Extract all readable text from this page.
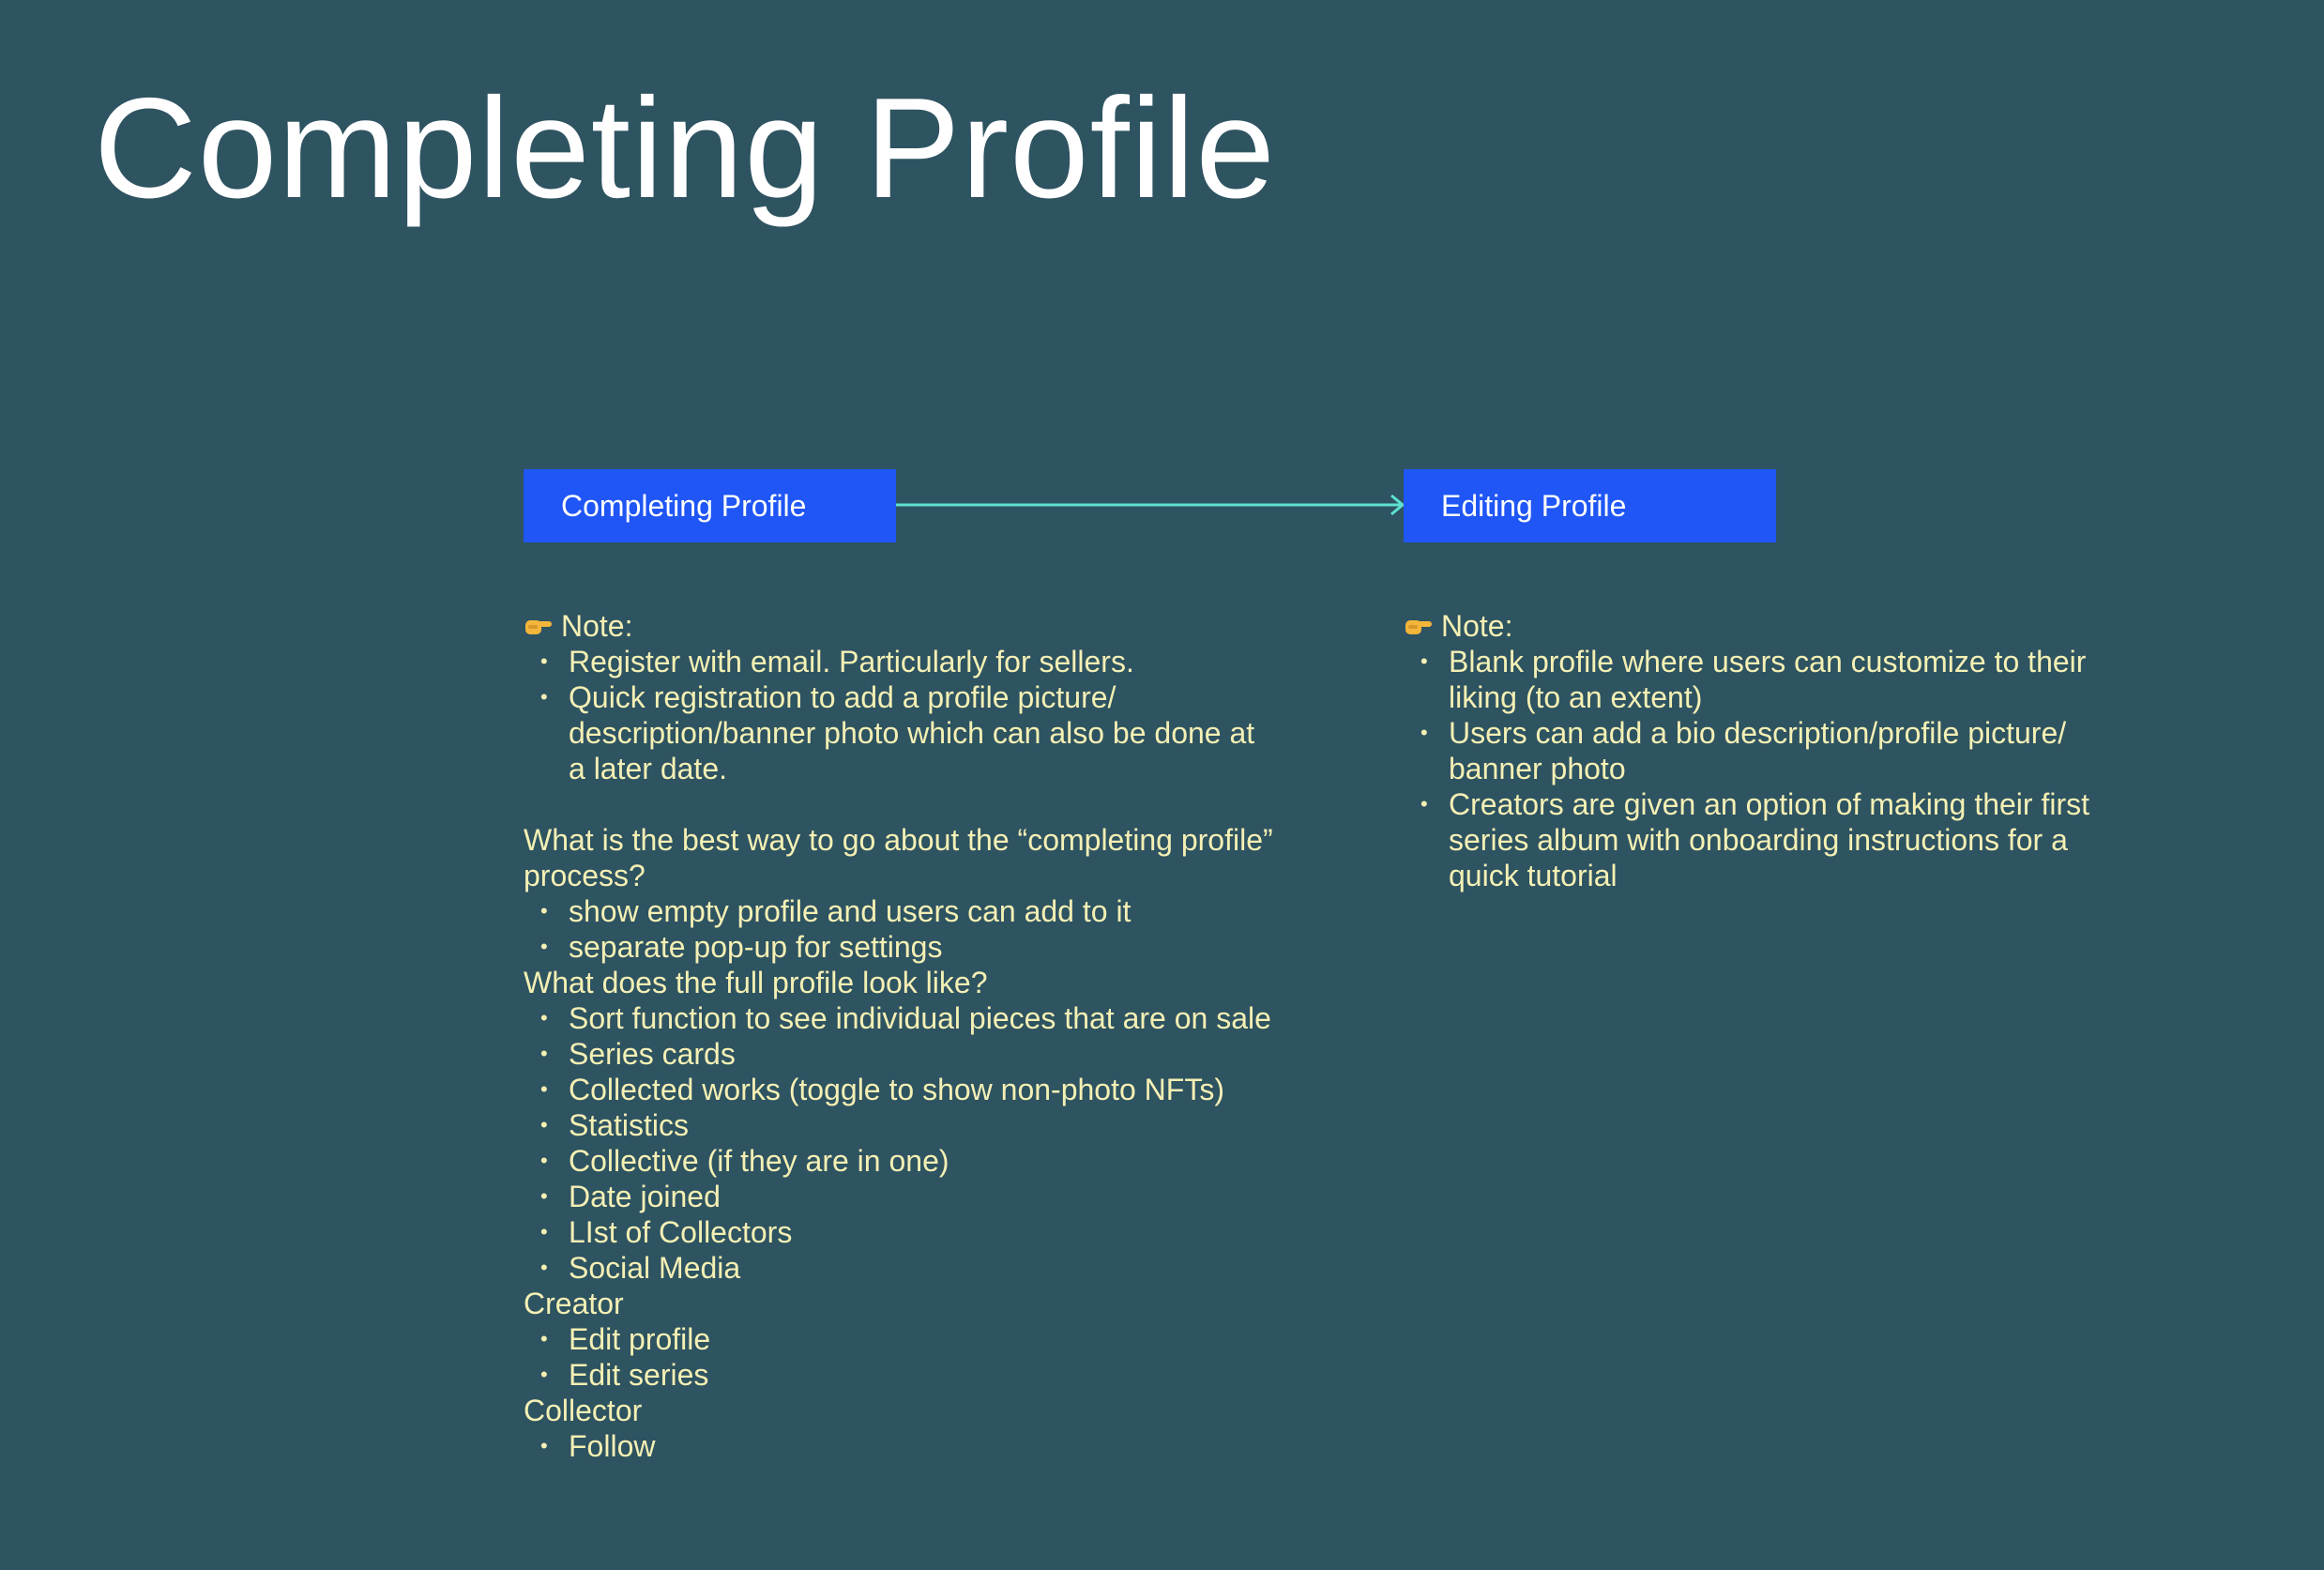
Completing Profile
Completing Profile	Editing Profile
Note:
• Register with email. Particularly for sellers.
• Quick registration to add a profile picture/ description/banner photo which can also be done at a later date.

What is the best way to go about the “completing profile” process?

• show empty profile and users can add to it
• separate pop-up for settings

What does the full profile look like?

• Sort function to see individual pieces that are on sale
• Series cards
• Collected works (toggle to show non-photo NFTs)
• Statistics
• Collective (if they are in one)
• Date joined
• LIst of Collectors
• Social Media

Creator

• Edit profile
• Edit series

Collector

• Follow
Note:
• Blank profile where users can customize to their liking (to an extent)
• Users can add a bio description/profile picture/ banner photo
• Creators are given an option of making their first series album with onboarding instructions for a quick tutorial
